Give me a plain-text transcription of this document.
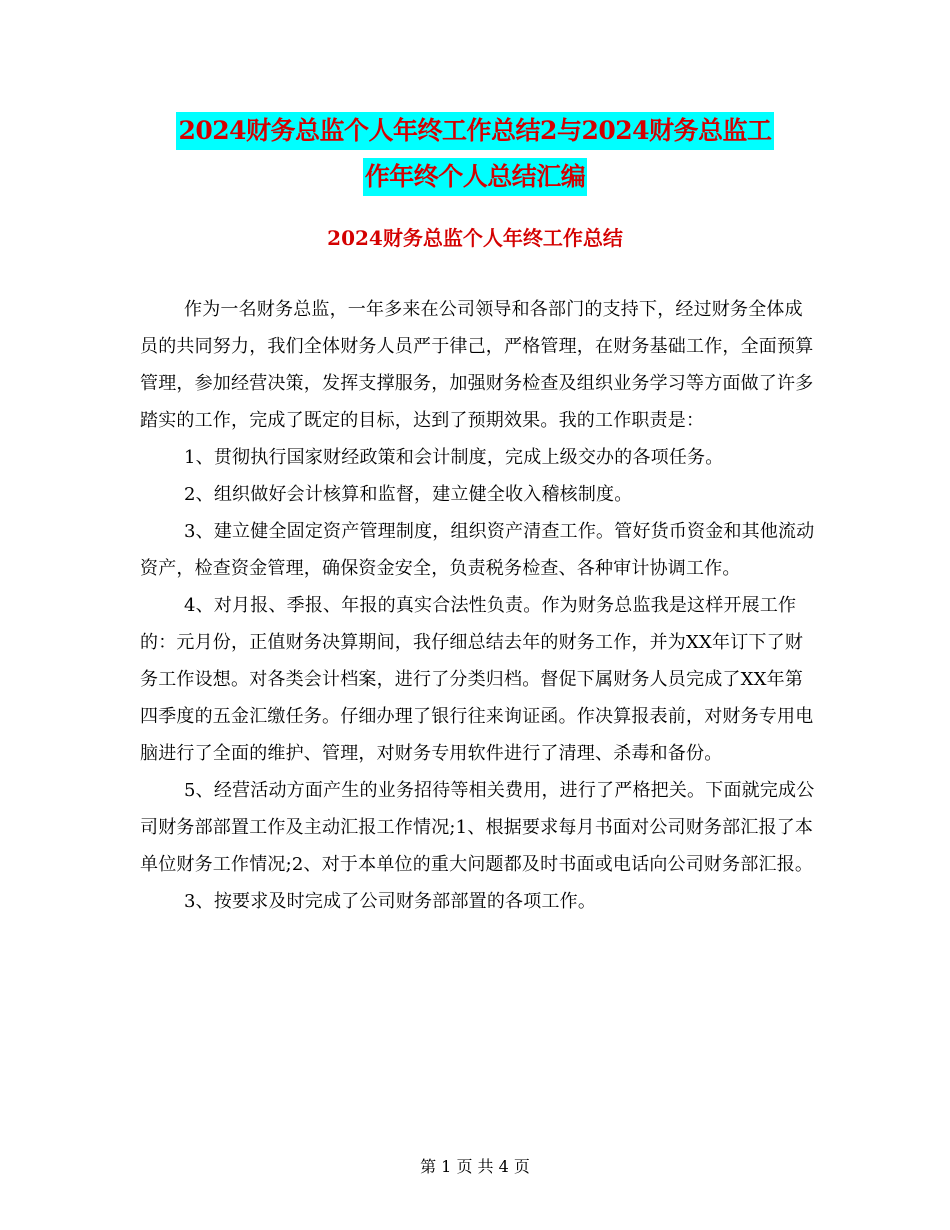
2024财务总监个人年终工作总结2与2024财务总监工
作年终个人总结汇编
2024财务总监个人年终工作总结

作为一名财务总监，一年多来在公司领导和各部门的支持下，经过财务全体成员的共同努力，我们全体财务人员严于律己，严格管理，在财务基础工作，全面预算管理，参加经营决策，发挥支撑服务，加强财务检查及组织业务学习等方面做了许多踏实的工作，完成了既定的目标，达到了预期效果。我的工作职责是：

1、贯彻执行国家财经政策和会计制度，完成上级交办的各项任务。

2、组织做好会计核算和监督，建立健全收入稽核制度。

3、建立健全固定资产管理制度，组织资产清查工作。管好货币资金和其他流动资产，检查资金管理，确保资金安全，负责税务检查、各种审计协调工作。

4、对月报、季报、年报的真实合法性负责。作为财务总监我是这样开展工作的：元月份，正值财务决算期间，我仔细总结去年的财务工作，并为XX年订下了财务工作设想。对各类会计档案，进行了分类归档。督促下属财务人员完成了XX年第四季度的五金汇缴任务。仔细办理了银行往来询证函。作决算报表前，对财务专用电脑进行了全面的维护、管理，对财务专用软件进行了清理、杀毒和备份。

5、经营活动方面产生的业务招待等相关费用，进行了严格把关。下面就完成公司财务部部置工作及主动汇报工作情况;1、根据要求每月书面对公司财务部汇报了本单位财务工作情况;2、对于本单位的重大问题都及时书面或电话向公司财务部汇报。

3、按要求及时完成了公司财务部部置的各项工作。

第 1 页 共 4 页
